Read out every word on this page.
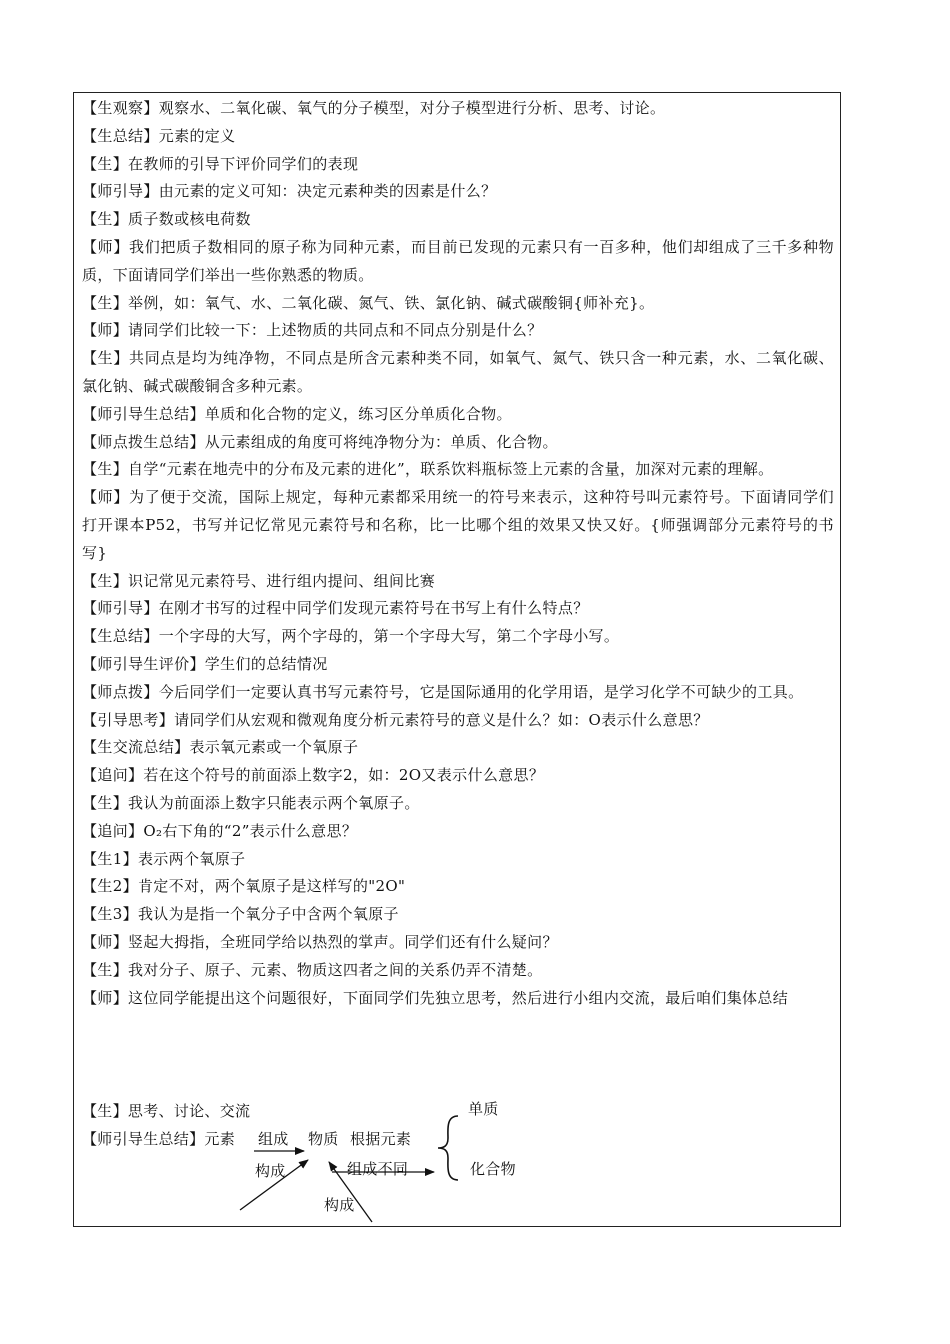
【生观察】观察水、二氧化碳、氧气的分子模型，对分子模型进行分析、思考、讨论。

【生总结】元素的定义

【生】在教师的引导下评价同学们的表现

【师引导】由元素的定义可知：决定元素种类的因素是什么？

【生】质子数或核电荷数

【师】我们把质子数相同的原子称为同种元素，而目前已发现的元素只有一百多种，他们却组成了三千多种物质，下面请同学们举出一些你熟悉的物质。

【生】举例，如：氧气、水、二氧化碳、氮气、铁、氯化钠、碱式碳酸铜{师补充}。

【师】请同学们比较一下：上述物质的共同点和不同点分别是什么？

【生】共同点是均为纯净物，不同点是所含元素种类不同，如氧气、氮气、铁只含一种元素，水、二氧化碳、氯化钠、碱式碳酸铜含多种元素。

【师引导生总结】单质和化合物的定义，练习区分单质化合物。

【师点拨生总结】从元素组成的角度可将纯净物分为：单质、化合物。

【生】自学“元素在地壳中的分布及元素的进化”，联系饮料瓶标签上元素的含量，加深对元素的理解。

【师】为了便于交流，国际上规定，每种元素都采用统一的符号来表示，这种符号叫元素符号。下面请同学们打开课本P52，书写并记忆常见元素符号和名称，比一比哪个组的效果又快又好。{师强调部分元素符号的书写}

【生】识记常见元素符号、进行组内提问、组间比赛

【师引导】在刚才书写的过程中同学们发现元素符号在书写上有什么特点？

【生总结】一个字母的大写，两个字母的，第一个字母大写，第二个字母小写。

【师引导生评价】学生们的总结情况

【师点拨】今后同学们一定要认真书写元素符号，它是国际通用的化学用语，是学习化学不可缺少的工具。

【引导思考】请同学们从宏观和微观角度分析元素符号的意义是什么？如：O表示什么意思？

【生交流总结】表示氧元素或一个氧原子

【追问】若在这个符号的前面添上数字2，如：2O又表示什么意思？

【生】我认为前面添上数字只能表示两个氧原子。

【追问】O₂右下角的“2”表示什么意思？

【生1】表示两个氧原子

【生2】肯定不对，两个氧原子是这样写的"2O"

【生3】我认为是指一个氧分子中含两个氧原子

【师】竖起大拇指，全班同学给以热烈的掌声。同学们还有什么疑问？

【生】我对分子、原子、元素、物质这四者之间的关系仍弄不清楚。

【师】这位同学能提出这个问题很好，下面同学们先独立思考，然后进行小组内交流，最后咱们集体总结

【生】思考、讨论、交流
【师引导生总结】元素 组成 物质 根据元素
构成	组成不同
构成
单质
化合物
